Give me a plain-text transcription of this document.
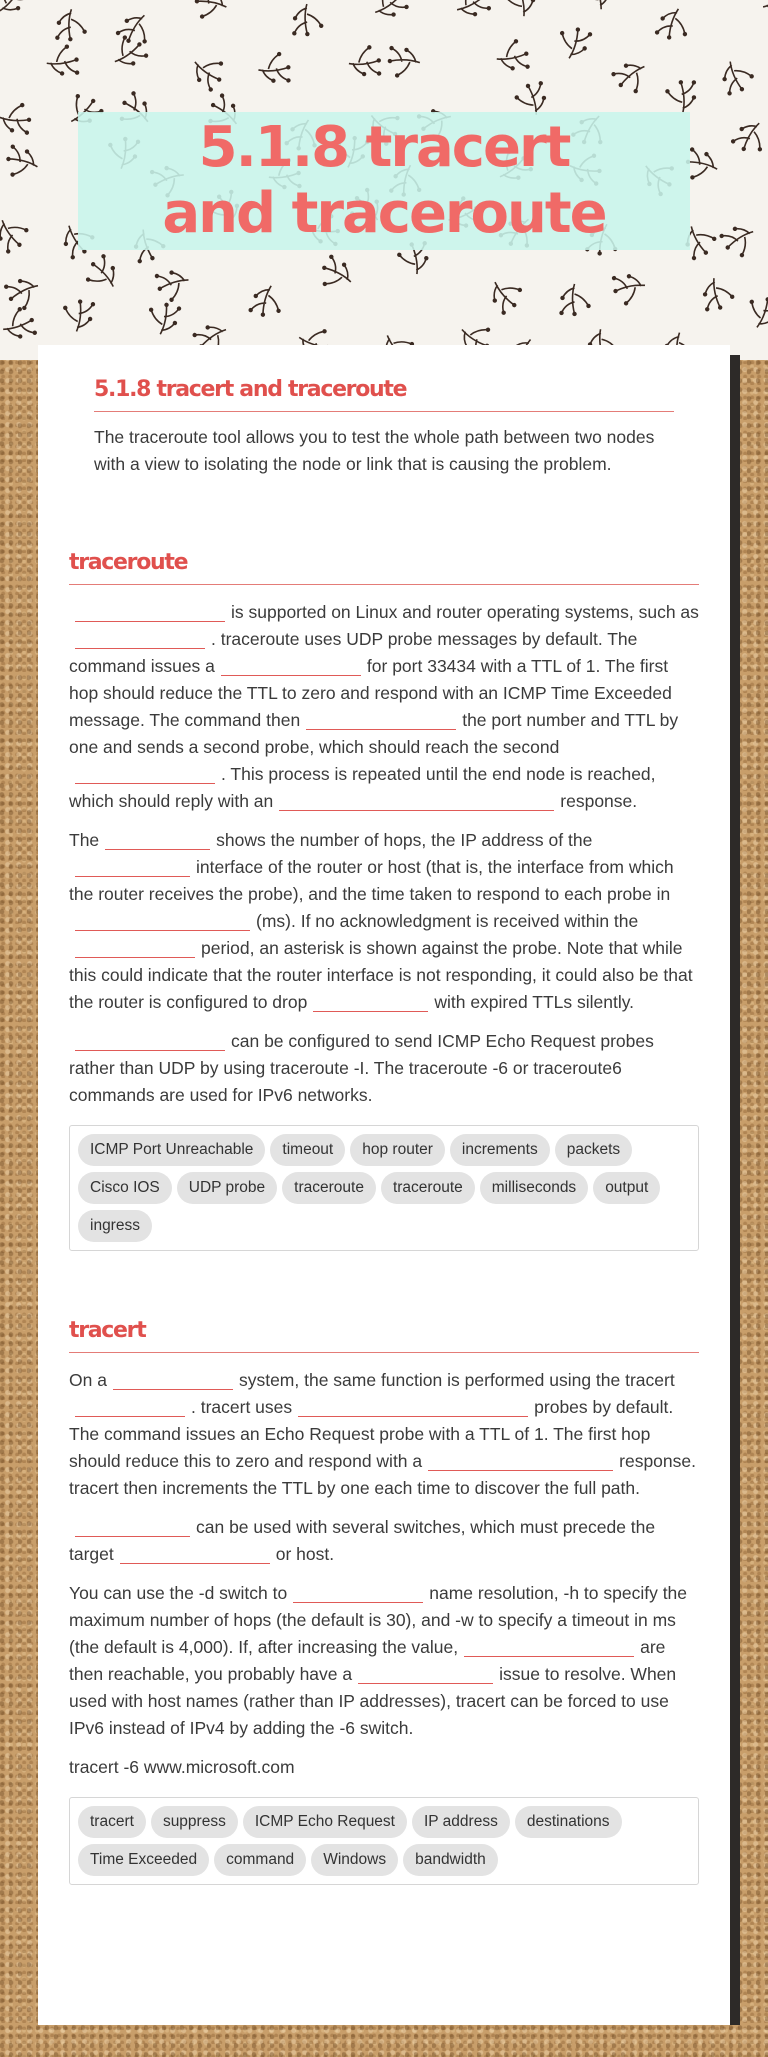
5.1.8 tracert and traceroute
5.1.8 tracert and traceroute

The traceroute tool allows you to test the whole path between two nodes with a view to isolating the node or link that is causing the problem.

traceroute

is supported on Linux and router operating systems, such as. traceroute uses UDP probe messages by default. The command issues a	for port 33434 with a TTL of 1. The first hop should reduce the TTL to zero and respond with an ICMP Time Exceeded message. The command then	the port number and TTL by one and sends a second probe, which should reach the second. This process is repeated until the end node is reached, which should reply with an	response.

The	shows the number of hops, the IP address of theinterface of the router or host (that is, the interface from which the router receives the probe), and the time taken to respond to each probe in(ms). If no acknowledgment is received within theperiod, an asterisk is shown against the probe. Note that while this could indicate that the router interface is not responding, it could also be that the router is configured to drop	with expired TTLs silently.

can be configured to send ICMP Echo Request probes rather than UDP by using traceroute -I. The traceroute -6 or traceroute6 commands are used for IPv6 networks.

ICMP Port Unreachable	timeout	hop router	increments	packets
Cisco IOS	UDP probe	traceroute	traceroute	milliseconds	output
ingress
tracert

On a	system, the same function is performed using the tracert. tracert uses	probes by default. The command issues an Echo Request probe with a TTL of 1. The first hop should reduce this to zero and respond with a	response. tracert then increments the TTL by one each time to discover the full path.

can be used with several switches, which must precede the target	or host.

You can use the -d switch to	name resolution, -h to specify the maximum number of hops (the default is 30), and -w to specify a timeout in ms (the default is 4,000). If, after increasing the value,	are then reachable, you probably have a	issue to resolve. When used with host names (rather than IP addresses), tracert can be forced to use IPv6 instead of IPv4 by adding the -6 switch.

tracert -6 www.microsoft.com

tracert	suppress	ICMP Echo Request	IP address	destinations
Time Exceeded	command	Windows	bandwidth
